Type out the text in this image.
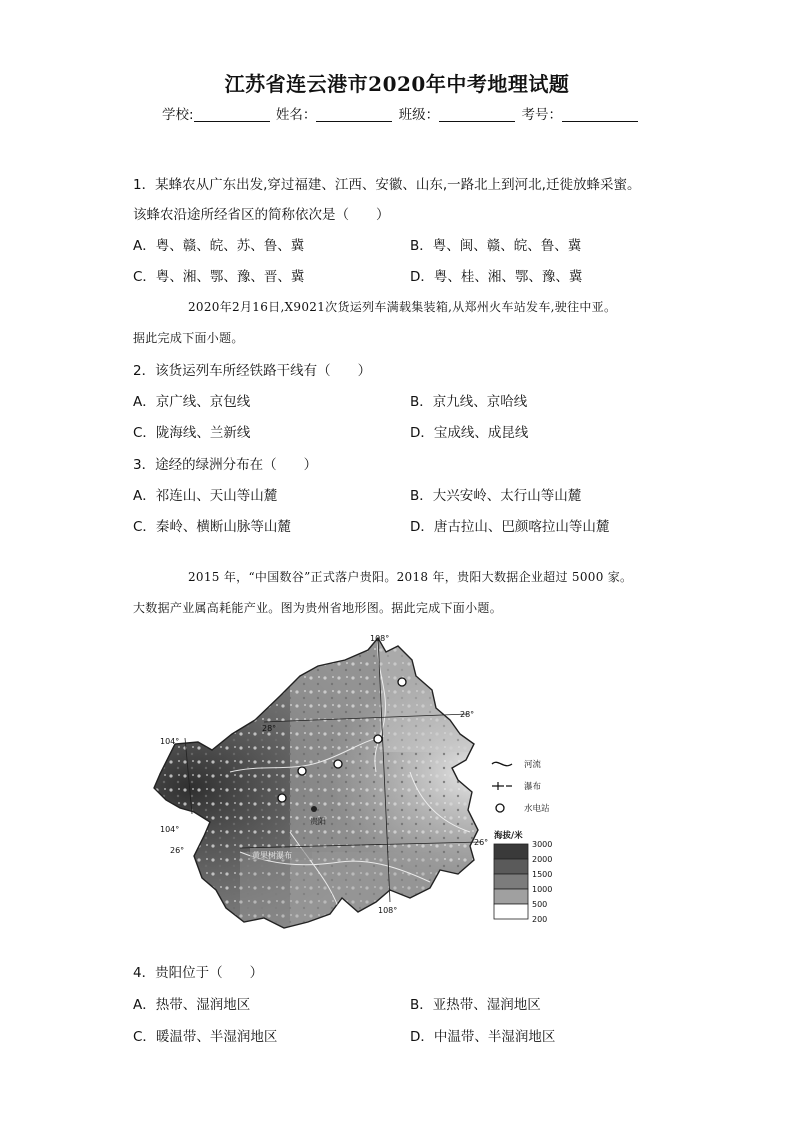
江苏省连云港市2020年中考地理试题
学校:	姓名：	班级：	考号：
1．某蜂农从广东出发,穿过福建、江西、安徽、山东,一路北上到河北,迁徙放蜂采蜜。
该蜂农沿途所经省区的简称依次是（　　）
A．粤、赣、皖、苏、鲁、冀	B．粤、闽、赣、皖、鲁、冀
C．粤、湘、鄂、豫、晋、冀	D．粤、桂、湘、鄂、豫、冀
2020年2月16日,X9021次货运列车满载集装箱,从郑州火车站发车,驶往中亚。
据此完成下面小题。
2．该货运列车所经铁路干线有（　　）
A．京广线、京包线	B．京九线、京哈线
C．陇海线、兰新线	D．宝成线、成昆线
3．途经的绿洲分布在（　　）
A．祁连山、天山等山麓	B．大兴安岭、太行山等山麓
C．秦岭、横断山脉等山麓	D．唐古拉山、巴颜喀拉山等山麓
2015 年，“中国数谷”正式落户贵阳。2018 年，贵阳大数据企业超过 5000 家。
大数据产业属高耗能产业。图为贵州省地形图。据此完成下面小题。
黄果树瀑布
108°
108°
104°
104°
28°
28°
26°
26°
贵阳
河流
瀑布
水电站
海拔/米
3000
2000
1500
1000
500
200
4．贵阳位于（　　）
A．热带、湿润地区	B．亚热带、湿润地区
C．暖温带、半湿润地区	D．中温带、半湿润地区
